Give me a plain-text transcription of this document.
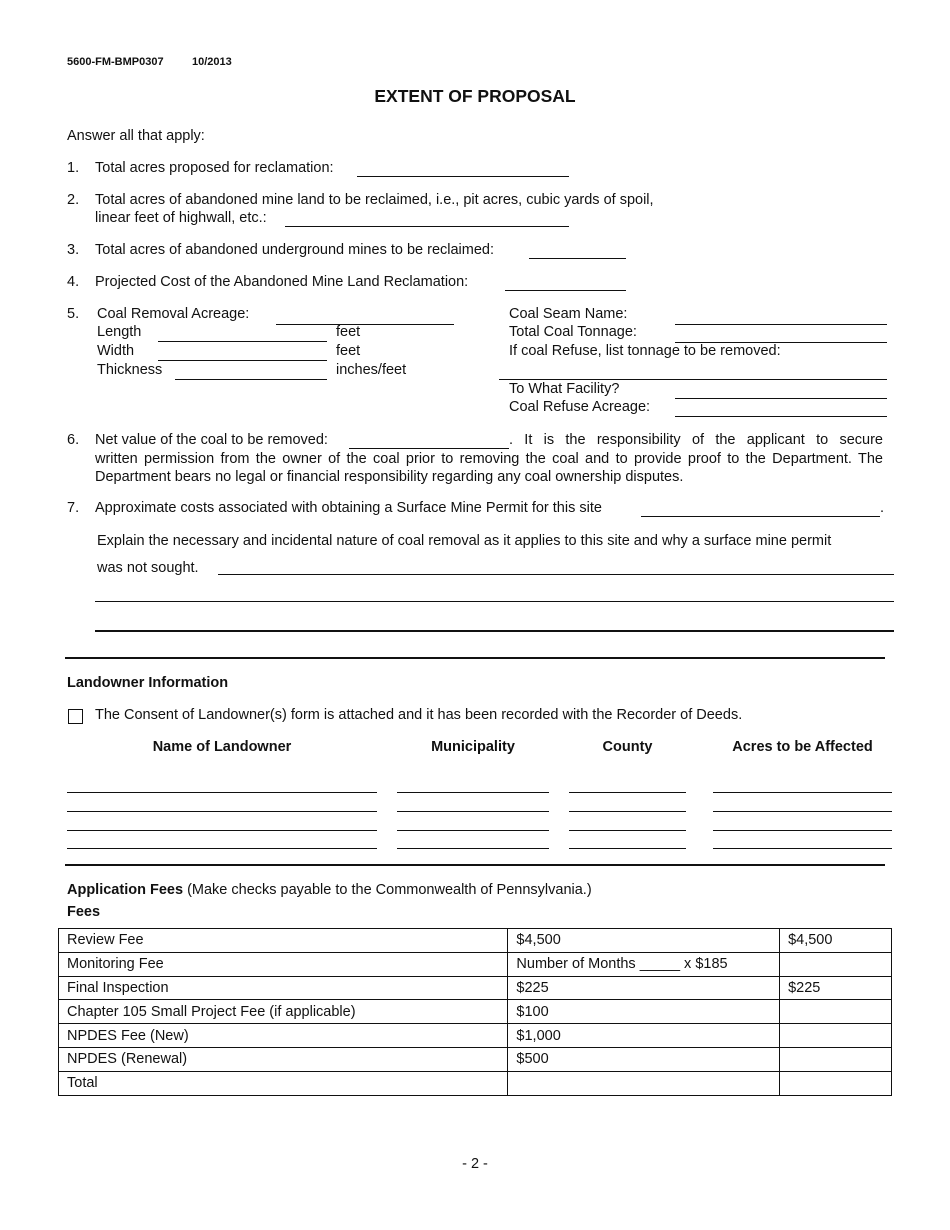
5600-FM-BMP0307	10/2013
EXTENT OF PROPOSAL
Answer all that apply:
1. Total acres proposed for reclamation:
2. Total acres of abandoned mine land to be reclaimed, i.e., pit acres, cubic yards of spoil,
linear feet of highwall, etc.:
3. Total acres of abandoned underground mines to be reclaimed:
4. Projected Cost of the Abandoned Mine Land Reclamation:
5. Coal Removal Acreage:
Length	feet
Width	feet
Thickness	inches/feet
Coal Seam Name:
Total Coal Tonnage:
If coal Refuse, list tonnage to be removed:
To What Facility?
Coal Refuse Acreage:
6. Net value of the coal to be removed:	. It is the responsibility of the applicant to secure
written permission from the owner of the coal prior to removing the coal and to provide proof to the Department. The Department bears no legal or financial responsibility regarding any coal ownership disputes.
7. Approximate costs associated with obtaining a Surface Mine Permit for this site	.
Explain the necessary and incidental nature of coal removal as it applies to this site and why a surface mine permit
was not sought.
Landowner Information
The Consent of Landowner(s) form is attached and it has been recorded with the Recorder of Deeds.
Name of Landowner	Municipality	County	Acres to be Affected
Application Fees (Make checks payable to the Commonwealth of Pennsylvania.)
Fees
Review Fee	$4,500	$4,500
Monitoring Fee	Number of Months _____ x $185	
Final Inspection	$225	$225
Chapter 105 Small Project Fee (if applicable)	$100	
NPDES Fee (New)	$1,000	
NPDES (Renewal)	$500	
Total		
- 2 -
